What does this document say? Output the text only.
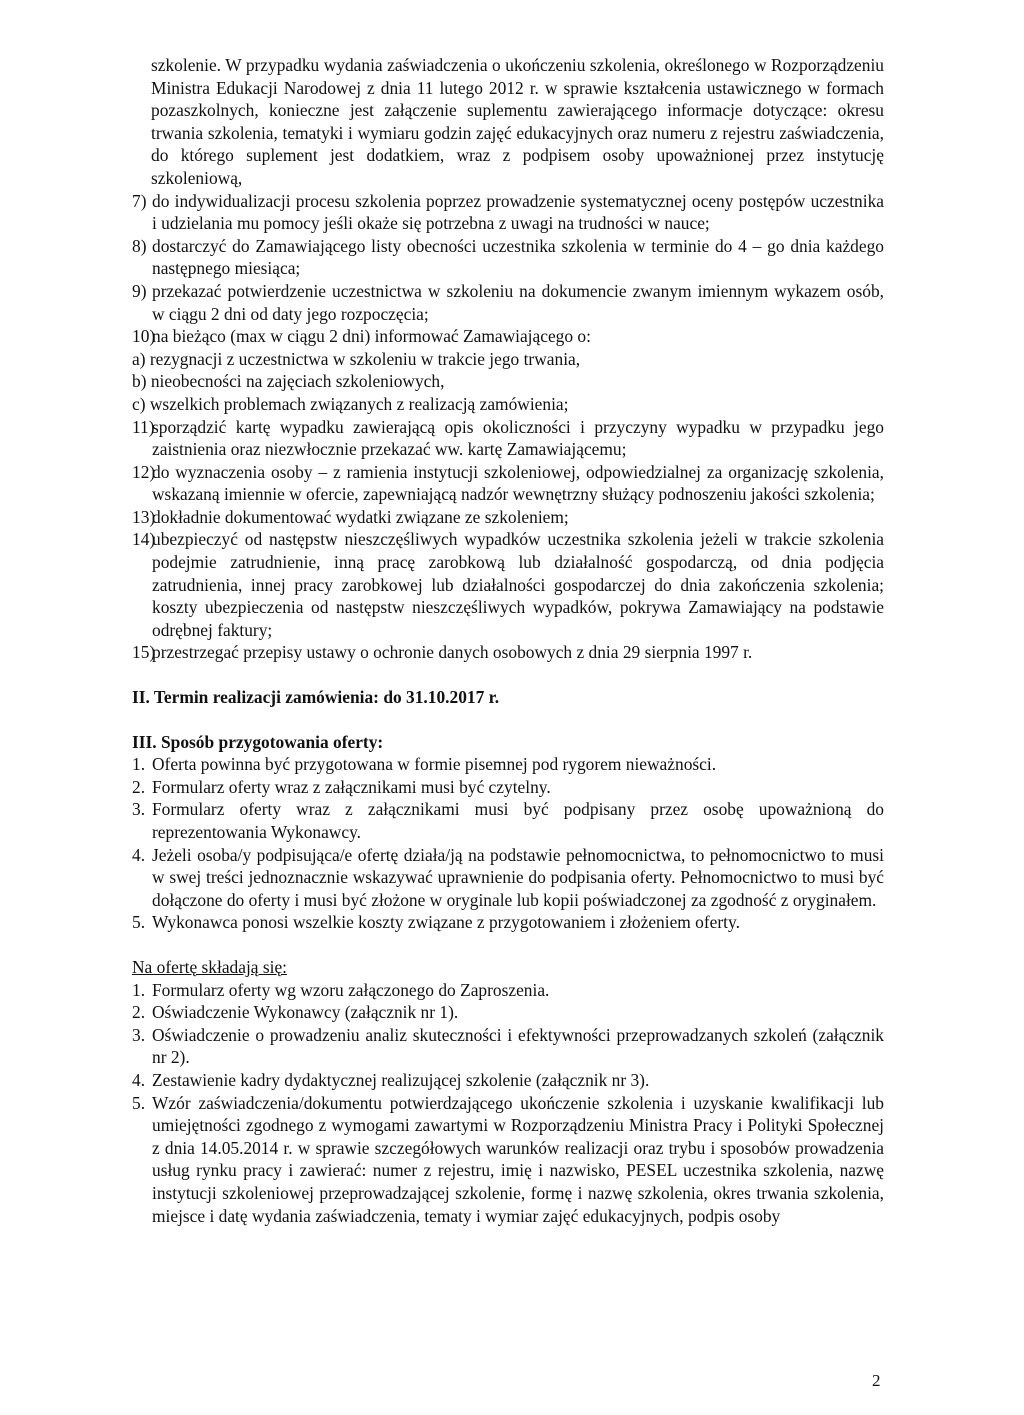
szkolenie. W przypadku wydania zaświadczenia o ukończeniu szkolenia, określonego w Rozporządzeniu Ministra Edukacji Narodowej z dnia 11 lutego 2012 r. w sprawie kształcenia ustawicznego w formach pozaszkolnych, konieczne jest załączenie suplementu zawierającego informacje dotyczące: okresu trwania szkolenia, tematyki i wymiaru godzin zajęć edukacyjnych oraz numeru z rejestru zaświadczenia, do którego suplement jest dodatkiem, wraz z podpisem osoby upoważnionej przez instytucję szkoleniową,

7) do indywidualizacji procesu szkolenia poprzez prowadzenie systematycznej oceny postępów uczestnika i udzielania mu pomocy jeśli okaże się potrzebna z uwagi na trudności w nauce;

8) dostarczyć do Zamawiającego listy obecności uczestnika szkolenia w terminie do 4 – go dnia każdego następnego miesiąca;

9) przekazać potwierdzenie uczestnictwa w szkoleniu na dokumencie zwanym imiennym wykazem osób, w ciągu 2 dni od daty jego rozpoczęcia;

10)
na bieżąco (max w ciągu 2 dni) informować Zamawiającego o:

a) rezygnacji z uczestnictwa w szkoleniu w trakcie jego trwania,

b) nieobecności na zajęciach szkoleniowych,

c) wszelkich problemach związanych z realizacją zamówienia;

11)
sporządzić kartę wypadku zawierającą opis okoliczności i przyczyny wypadku w przypadku jego zaistnienia oraz niezwłocznie przekazać ww. kartę Zamawiającemu;

12)
do wyznaczenia osoby – z ramienia instytucji szkoleniowej, odpowiedzialnej za organizację szkolenia, wskazaną imiennie w ofercie, zapewniającą nadzór wewnętrzny służący podnoszeniu jakości szkolenia;

13)
dokładnie dokumentować wydatki związane ze szkoleniem;

14)
ubezpieczyć od następstw nieszczęśliwych wypadków uczestnika szkolenia jeżeli w trakcie szkolenia podejmie zatrudnienie, inną pracę zarobkową lub działalność gospodarczą, od dnia podjęcia zatrudnienia, innej pracy zarobkowej lub działalności gospodarczej do dnia zakończenia szkolenia; koszty ubezpieczenia od następstw nieszczęśliwych wypadków, pokrywa Zamawiający na podstawie odrębnej faktury;

15)
przestrzegać przepisy ustawy o ochronie danych osobowych z dnia 29 sierpnia 1997 r.

II. Termin realizacji zamówienia: do 31.10.2017 r.

III. Sposób przygotowania oferty:

1. Oferta powinna być przygotowana w formie pisemnej pod rygorem nieważności.

2. Formularz oferty wraz z załącznikami musi być czytelny.

3. Formularz oferty wraz z załącznikami musi być podpisany przez osobę upoważnioną do reprezentowania Wykonawcy.

4. Jeżeli osoba/y podpisująca/e ofertę działa/ją na podstawie pełnomocnictwa, to pełnomocnictwo to musi w swej treści jednoznacznie wskazywać uprawnienie do podpisania oferty. Pełnomocnictwo to musi być dołączone do oferty i musi być złożone w oryginale lub kopii poświadczonej za zgodność z oryginałem.

5. Wykonawca ponosi wszelkie koszty związane z przygotowaniem i złożeniem oferty.

Na ofertę składają się:

1. Formularz oferty wg wzoru załączonego do Zaproszenia.

2. Oświadczenie Wykonawcy (załącznik nr 1).

3. Oświadczenie o prowadzeniu analiz skuteczności i efektywności przeprowadzanych szkoleń (załącznik nr 2).

4. Zestawienie kadry dydaktycznej realizującej szkolenie (załącznik nr 3).

5. Wzór zaświadczenia/dokumentu potwierdzającego ukończenie szkolenia i uzyskanie kwalifikacji lub umiejętności zgodnego z wymogami zawartymi w Rozporządzeniu Ministra Pracy i Polityki Społecznej z dnia 14.05.2014 r. w sprawie szczegółowych warunków realizacji oraz trybu i sposobów prowadzenia usług rynku pracy i zawierać: numer z rejestru, imię i nazwisko, PESEL uczestnika szkolenia, nazwę instytucji szkoleniowej przeprowadzającej szkolenie, formę i nazwę szkolenia, okres trwania szkolenia, miejsce i datę wydania zaświadczenia, tematy i wymiar zajęć edukacyjnych, podpis osoby

2
